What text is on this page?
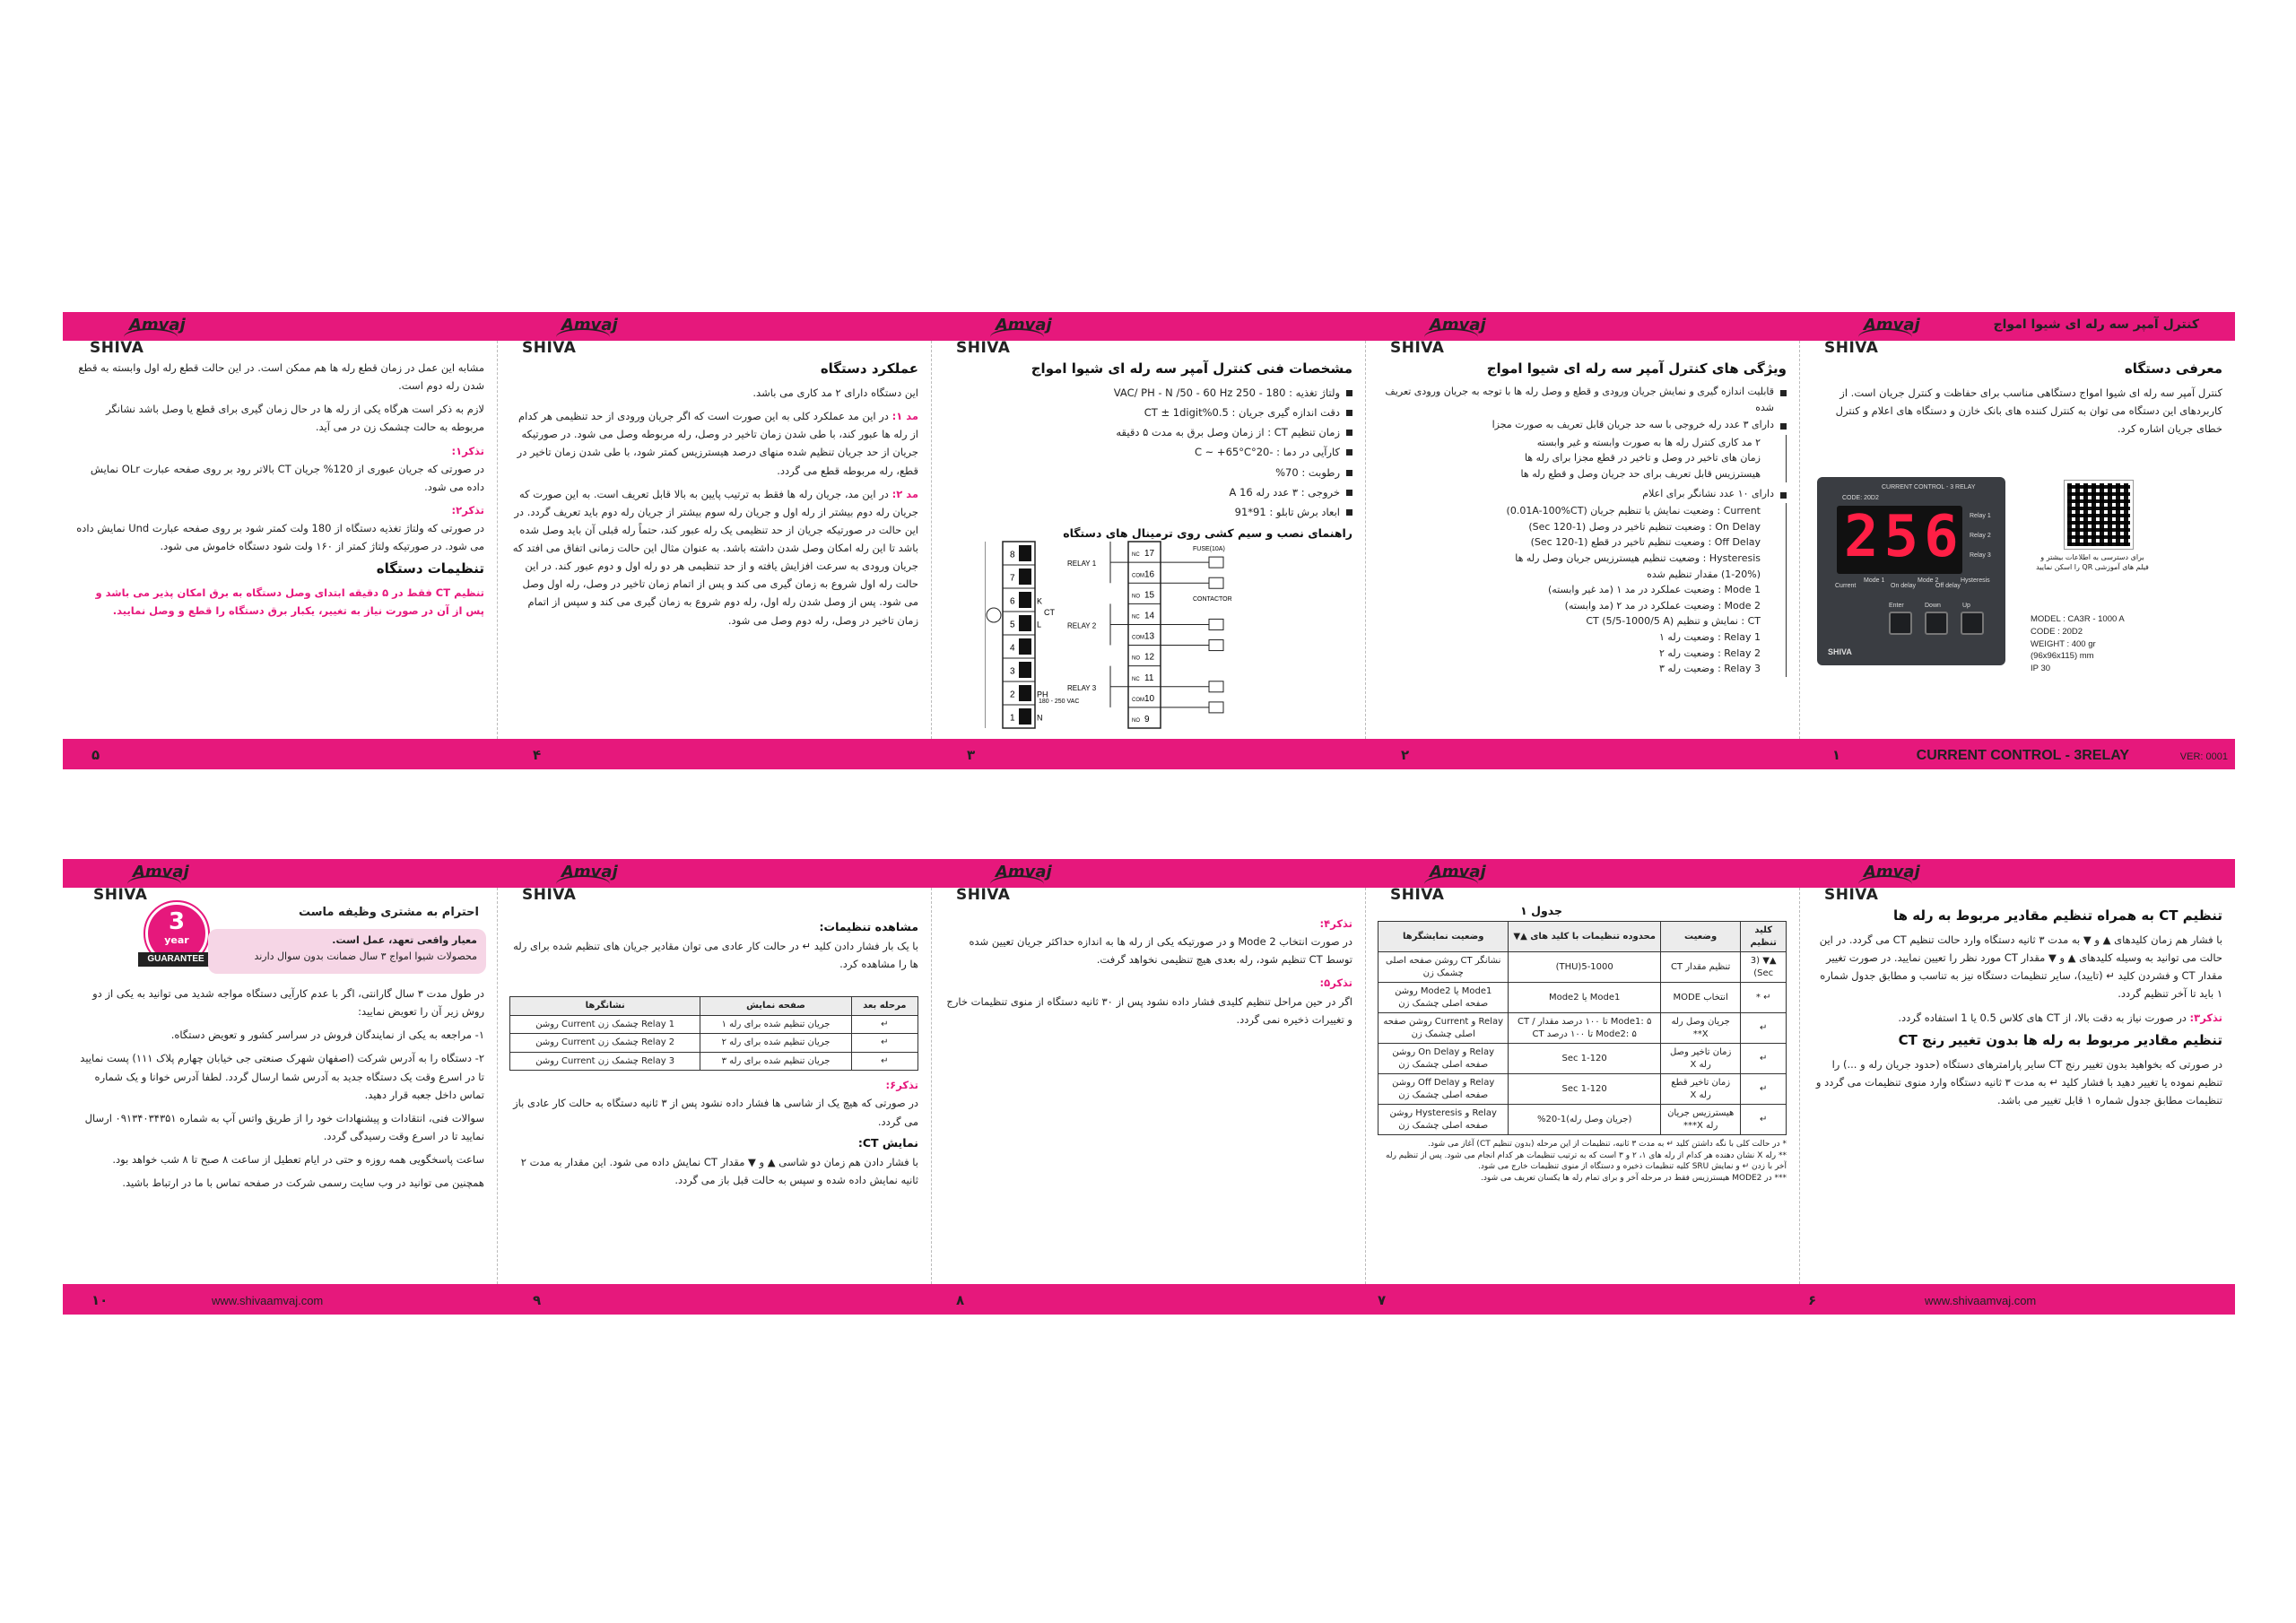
Amvaj
SHIVA

مشابه این عمل در زمان قطع رله ها هم ممکن است. در این حالت قطع رله اول وابسته به قطع شدن رله دوم است.

لازم به ذکر است هرگاه یکی از رله ها در حال زمان گیری برای قطع یا وصل باشد نشانگر مربوطه به حالت چشمک زن در می آید.

تذکر۱:

در صورتی که جریان عبوری از 120% جریان CT بالاتر رود بر روی صفحه عبارت OLr نمایش داده می شود.

تذکر۲:

در صورتی که ولتاژ تغذیه دستگاه از 180 ولت کمتر شود بر روی صفحه عبارت Und نمایش داده می شود. در صورتیکه ولتاژ کمتر از ۱۶۰ ولت شود دستگاه خاموش می شود.

تنظیمات دستگاه

تنظیم CT فقط در ۵ دقیقه ابتدای وصل دستگاه به برق امکان پذیر می باشد و پس از آن در صورت نیاز به تغییر، یکبار برق دستگاه را قطع و وصل نمایید.

۵
Amvaj
SHIVA
عملکرد دستگاه

این دستگاه دارای ۲ مد کاری می باشد.

مد ۱: در این مد عملکرد کلی به این صورت است که اگر جریان ورودی از حد تنظیمی هر کدام از رله ها عبور کند، با طی شدن زمان تاخیر در وصل، رله مربوطه وصل می شود. در صورتیکه جریان از حد جریان تنظیم شده منهای درصد هیسترزیس کمتر شود، با طی شدن زمان تاخیر در قطع، رله مربوطه قطع می گردد.

مد ۲: در این مد، جریان رله ها فقط به ترتیب پایین به بالا قابل تعریف است. به این صورت که جریان رله دوم بیشتر از رله اول و جریان رله سوم بیشتر از جریان رله دوم باید تعریف گردد. در این حالت در صورتیکه جریان از حد تنظیمی یک رله عبور کند، حتماً رله قبلی آن باید وصل شده باشد تا این رله امکان وصل شدن داشته باشد. به عنوان مثال این حالت زمانی اتفاق می افتد که جریان ورودی به سرعت افزایش یافته و از حد تنظیمی هر دو رله اول و دوم عبور کند. در این حالت رله اول شروع به زمان گیری می کند و پس از اتمام زمان تاخیر در وصل، رله اول وصل می شود. پس از وصل شدن رله اول، رله دوم شروع به زمان گیری می کند و سپس از اتمام زمان تاخیر در وصل، رله دوم وصل می شود.

۴
Amvaj
SHIVA
مشخصات فنی کنترل آمپر سه رله ای شیوا امواج
ولتاژ تغذیه : 180 - 250 VAC/ PH - N /50 - 60 Hz
دقت اندازه گیری جریان : 0.5%CT ± 1digit
زمان تنظیم CT : از زمان وصل برق به مدت ۵ دقیقه
کارآیی در دما : -20°C ~ +65°C
رطوبت : 70%
خروجی : ۳ عدد رله 16 A
ابعاد برش تابلو : 91*91
راهنمای نصب و سیم کشی روی ترمینال های دستگاه
8
7
6	K
5	L
4
3
2	PH
1	N
NC 17
COM 16
NO 15
NC 14
COM 13
NO 12
NC 11
COM 10
NO 9
RELAY 1
RELAY 2
RELAY 3
FUSE(10A)
CONTACTOR
CT
180 - 250 VAC
۳
Amvaj
SHIVA
ویژگی های کنترل آمپر سه رله ای شیوا امواج
قابلیت اندازه گیری و نمایش جریان ورودی و قطع و وصل رله ها با توجه به جریان ورودی تعریف شده
دارای ۳ عدد رله خروجی با سه حد جریان قابل تعریف به صورت مجزا
۲ مد کاری کنترل رله ها به صورت وابسته و غیر وابسته
زمان های تاخیر در وصل و تاخیر در قطع مجزا برای رله ها
هیسترزیس قابل تعریف برای حد جریان وصل و قطع رله ها
دارای ۱۰ عدد نشانگر برای اعلام
Current : وضعیت نمایش یا تنظیم جریان (0.01A-100%CT)
On Delay : وضعیت تنظیم تاخیر در وصل (1-120 Sec)
Off Delay : وضعیت تنظیم تاخیر در قطع (1-120 Sec)
Hysteresis : وضعیت تنظیم هیسترزیس جریان وصل رله ها
(1-20%) مقدار تنظیم شده
Mode 1 : وضعیت عملکرد در مد ۱ (مد غیر وابسته)
Mode 2 : وضعیت عملکرد در مد ۲ (مد وابسته)
CT : نمایش و تنظیم CT (5/5-1000/5 A)
Relay 1 : وضعیت رله ۱
Relay 2 : وضعیت رله ۲
Relay 3 : وضعیت رله ۳
۲
Amvaj
SHIVA
کنترل آمپر سه رله ای شیوا امواج
معرفی دستگاه

کنترل آمپر سه رله ای شیوا امواج دستگاهی مناسب برای حفاظت و کنترل جریان است. از کاربردهای این دستگاه می توان به کنترل کننده های بانک خازن و دستگاه های اعلام و کنترل خطای جریان اشاره کرد.

CURRENT CONTROL - 3 RELAY
CODE: 20D2
256 Relay 1
Relay 2
Relay 3
Current
Mode 1
On delay
Mode 2
Off delay
Hysteresis
Enter	Down	Up
SHIVA
برای دسترسی به اطلاعات بیشتر و فیلم های آموزشی QR را اسکن نمایید
MODEL : CA3R - 1000 A
CODE : 20D2
WEIGHT : 400 gr
(96x96x115) mm
IP 30
۱	CURRENT CONTROL - 3RELAY	VER: 0001
Amvaj
SHIVA
3
year
GUARANTEE
احترام به مشتری وظیفه ماست
معیار واقعی تعهد، عمل است.
محصولات شیوا امواج ۳ سال ضمانت بدون سوال دارند

در طول مدت ۳ سال گارانتی، اگر با عدم کارآیی دستگاه مواجه شدید می توانید به یکی از دو روش زیر آن را تعویض نمایید:

۱- مراجعه به یکی از نمایندگان فروش در سراسر کشور و تعویض دستگاه.

۲- دستگاه را به آدرس شرکت (اصفهان شهرک صنعتی جی خیابان چهارم پلاک ۱۱۱) پست نمایید تا در اسرع وقت یک دستگاه جدید به آدرس شما ارسال گردد. لطفا آدرس خوانا و یک شماره تماس داخل جعبه قرار دهید.

سوالات فنی، انتقادات و پیشنهادات خود را از طریق واتس آپ به شماره ۰۹۱۳۴۰۳۴۳۵۱ ارسال نمایید تا در اسرع وقت رسیدگی گردد.

ساعت پاسخگویی همه روزه و حتی در ایام تعطیل از ساعت ۸ صبح تا ۸ شب خواهد بود.

همچنین می توانید در وب سایت رسمی شرکت در صفحه تماس با ما در ارتباط باشید.

۱۰	www.shivaamvaj.com
Amvaj
SHIVA
مشاهده تنظیمات:

با یک بار فشار دادن کلید ↵ در حالت کار عادی می توان مقادیر جریان های تنظیم شده برای رله ها را مشاهده کرد.

مرحله بعد	صفحه نمایش	نشانگرها
↵	جریان تنظیم شده برای رله ۱	Relay 1 چشمک زن Current روشن
↵	جریان تنظیم شده برای رله ۲	Relay 2 چشمک زن Current روشن
↵	جریان تنظیم شده برای رله ۳	Relay 3 چشمک زن Current روشن
تذکر۶:

در صورتی که هیچ یک از شاسی ها فشار داده نشود پس از ۳ ثانیه دستگاه به حالت کار عادی باز می گردد.

نمایش CT:

با فشار دادن هم زمان دو شاسی ▲ و ▼ مقدار CT نمایش داده می شود. این مقدار به مدت ۲ ثانیه نمایش داده شده و سپس به حالت قبل باز می گردد.

۹
Amvaj
SHIVA
تذکر۴:

در صورت انتخاب Mode 2 و در صورتیکه یکی از رله ها به اندازه حداکثر جریان تعیین شده توسط CT تنظیم شود، رله بعدی هیچ تنظیمی نخواهد گرفت.

تذکر۵:

اگر در حین مراحل تنظیم کلیدی فشار داده نشود پس از ۳۰ ثانیه دستگاه از منوی تنظیمات خارج و تغییرات ذخیره نمی گردد.

۸
Amvaj
SHIVA
جدول ۱
کلید تنظیم	وضعیت	محدوده تنظیمات با کلید های ▲▼	وضعیت نمایشگرها
▲▼ (3 Sec)	تنظیم مقدار CT	5-1000(THU)	نشانگر CT روشن صفحه اصلی چشمک زن
↵ *	انتخاب MODE	Mode1 یا Mode2	Mode1 یا Mode2 روشن صفحه اصلی چشمک زن
↵	جریان وصل رله X**	Mode1: ۵ تا ۱۰۰ درصد مقدار CT / Mode2: ۵ تا ۱۰۰ درصد CT	Relay و Current روشن صفحه اصلی چشمک زن
↵	زمان تاخیر وصل رله X	1-120 Sec	Relay و On Delay روشن صفحه اصلی چشمک زن
↵	زمان تاخیر قطع رله X	1-120 Sec	Relay و Off Delay روشن صفحه اصلی چشمک زن
↵	هیسترزیس جریان رله X***	(جریان وصل رله)1-20%	Relay و Hysteresis روشن صفحه اصلی چشمک زن
* در حالت کلی با نگه داشتن کلید ↵ به مدت ۳ ثانیه، تنظیمات از این مرحله (بدون تنظیم CT) آغاز می شود.
** رله X نشان دهنده هر کدام از رله های ۱، ۲ و ۳ است که به ترتیب تنظیمات هر کدام انجام می شود. پس از تنظیم رله آخر با زدن ↵ و نمایش SRU کلیه تنظیمات ذخیره و دستگاه از منوی تنظیمات خارج می شود.
*** در MODE2 هیسترزیس فقط در مرحله آخر و برای تمام رله ها یکسان تعریف می شود.
۷
Amvaj
SHIVA
تنظیم CT به همراه تنظیم مقادیر مربوط به رله ها

با فشار هم زمان کلیدهای ▲ و ▼ به مدت ۳ ثانیه دستگاه وارد حالت تنظیم CT می گردد. در این حالت می توانید به وسیله کلیدهای ▲ و ▼ مقدار CT مورد نظر را تعیین نمایید. در صورت تغییر مقدار CT و فشردن کلید ↵ (تایید)، سایر تنظیمات دستگاه نیز به تناسب و مطابق جدول شماره ۱ باید تا آخر تنظیم گردد.

تذکر۳: در صورت نیاز به دقت بالا، از CT های کلاس 0.5 یا 1 استفاده گردد.

تنظیم مقادیر مربوط به رله ها بدون تغییر رنج CT

در صورتی که بخواهید بدون تغییر رنج CT سایر پارامترهای دستگاه (حدود جریان رله و ...) را تنظیم نموده یا تغییر دهید با فشار کلید ↵ به مدت ۳ ثانیه دستگاه وارد منوی تنظیمات می گردد و تنظیمات مطابق جدول شماره ۱ قابل تغییر می باشد.

۶	www.shivaamvaj.com
